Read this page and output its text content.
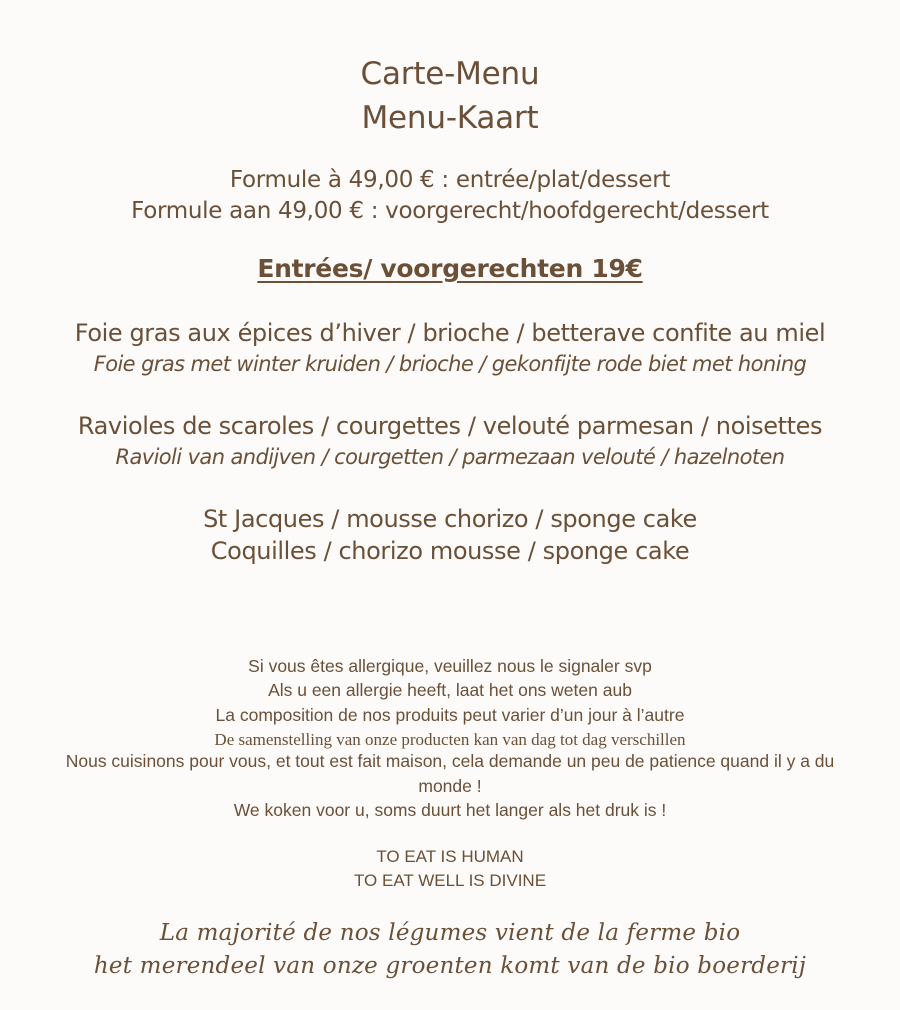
Carte-Menu
Menu-Kaart
Formule à 49,00 € : entrée/plat/dessert
Formule aan 49,00 € : voorgerecht/hoofdgerecht/dessert
Entrées/ voorgerechten 19€
Foie gras aux épices d’hiver / brioche / betterave confite au miel
Foie gras met winter kruiden / brioche / gekonfijte rode biet met honing
Ravioles de scaroles / courgettes / velouté parmesan / noisettes
Ravioli van andijven / courgetten / parmezaan velouté / hazelnoten
St Jacques / mousse chorizo / sponge cake
Coquilles / chorizo mousse / sponge cake
Si vous êtes allergique, veuillez nous le signaler svp
Als u een allergie heeft, laat het ons weten aub
La composition de nos produits peut varier d’un jour à l’autre
De samenstelling van onze producten kan van dag tot dag verschillen
Nous cuisinons pour vous, et tout est fait maison, cela demande un peu de patience quand il y a du
monde !
We koken voor u, soms duurt het langer als het druk is !
TO EAT IS HUMAN
TO EAT WELL IS DIVINE
La majorité de nos légumes vient de la ferme bio
het merendeel van onze groenten komt van de bio boerderij
